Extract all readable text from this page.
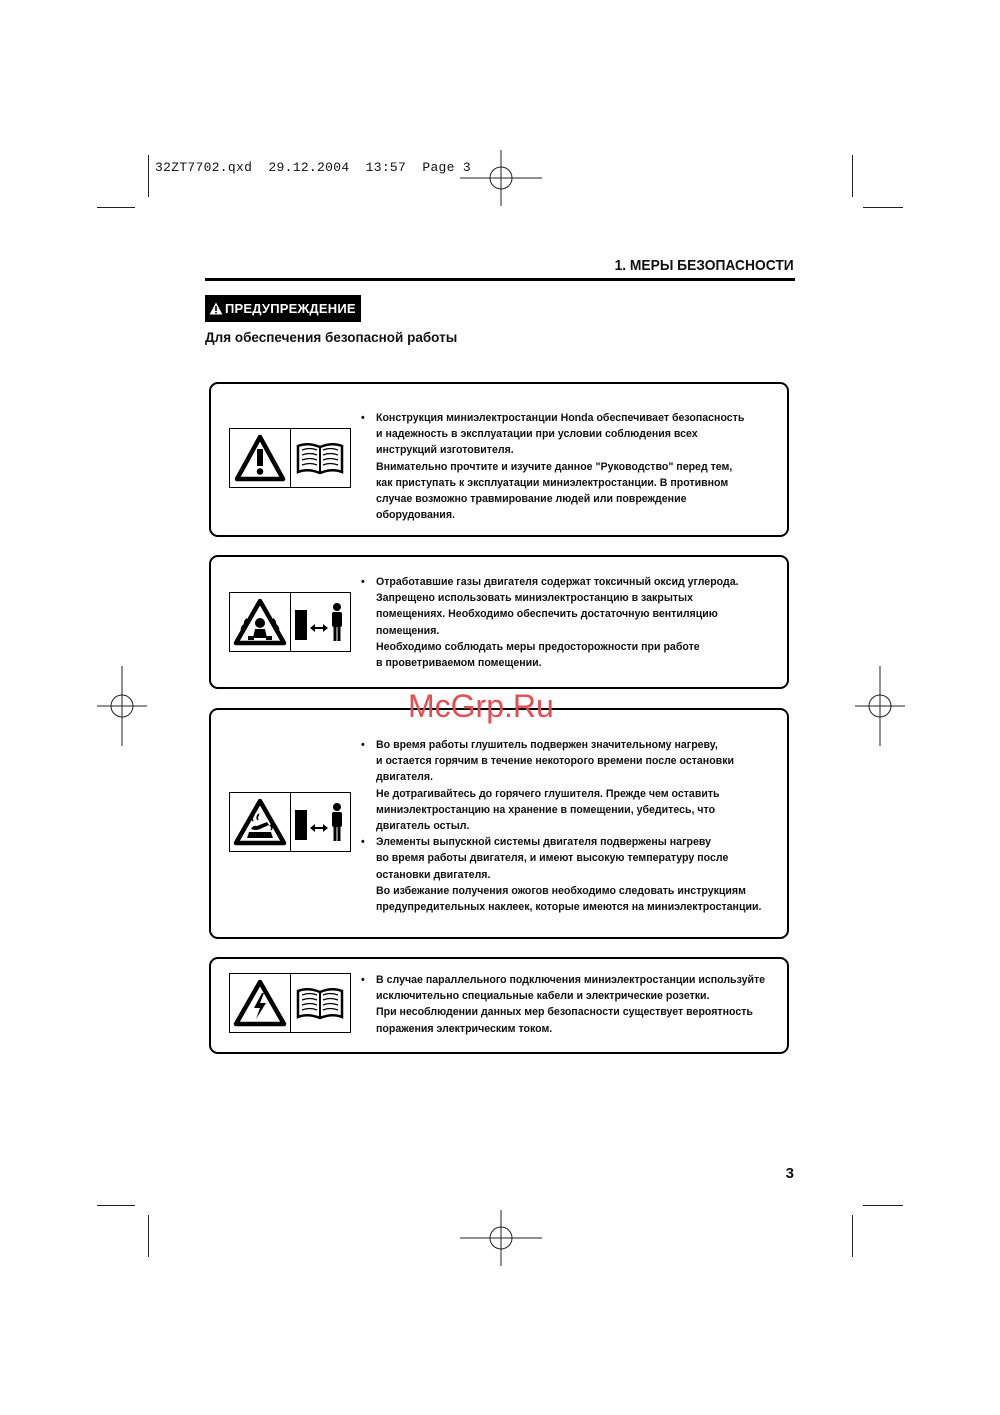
32ZT7702.qxd  29.12.2004  13:57  Page 3
1. МЕРЫ БЕЗОПАСНОСТИ
ПРЕДУПРЕЖДЕНИЕ
Для обеспечения безопасной работы
• Конструкция миниэлектростанции Honda обеспечивает безопасность
и надежность в эксплуатации при условии соблюдения всех
инструкций изготовителя.
Внимательно прочтите и изучите данное "Руководство" перед тем,
как приступать к эксплуатации миниэлектростанции. В противном
случае возможно травмирование людей или повреждение
оборудования.
• Отработавшие газы двигателя содержат токсичный оксид углерода.
Запрещено использовать миниэлектростанцию в закрытых
помещениях. Необходимо обеспечить достаточную вентиляцию
помещения.
Необходимо соблюдать меры предосторожности при работе
в проветриваемом помещении.
• Во время работы глушитель подвержен значительному нагреву,
и остается горячим в течение некоторого времени после остановки
двигателя.
Не дотрагивайтесь до горячего глушителя. Прежде чем оставить
миниэлектростанцию на хранение в помещении, убедитесь, что
двигатель остыл.
• Элементы выпускной системы двигателя подвержены нагреву
во время работы двигателя, и имеют высокую температуру после
остановки двигателя.
Во избежание получения ожогов необходимо следовать инструкциям
предупредительных наклеек, которые имеются на миниэлектростанции.
• В случае параллельного подключения миниэлектростанции используйте
исключительно специальные кабели и электрические розетки.
При несоблюдении данных мер безопасности существует вероятность
поражения электрическим током.
McGrp.Ru
3
